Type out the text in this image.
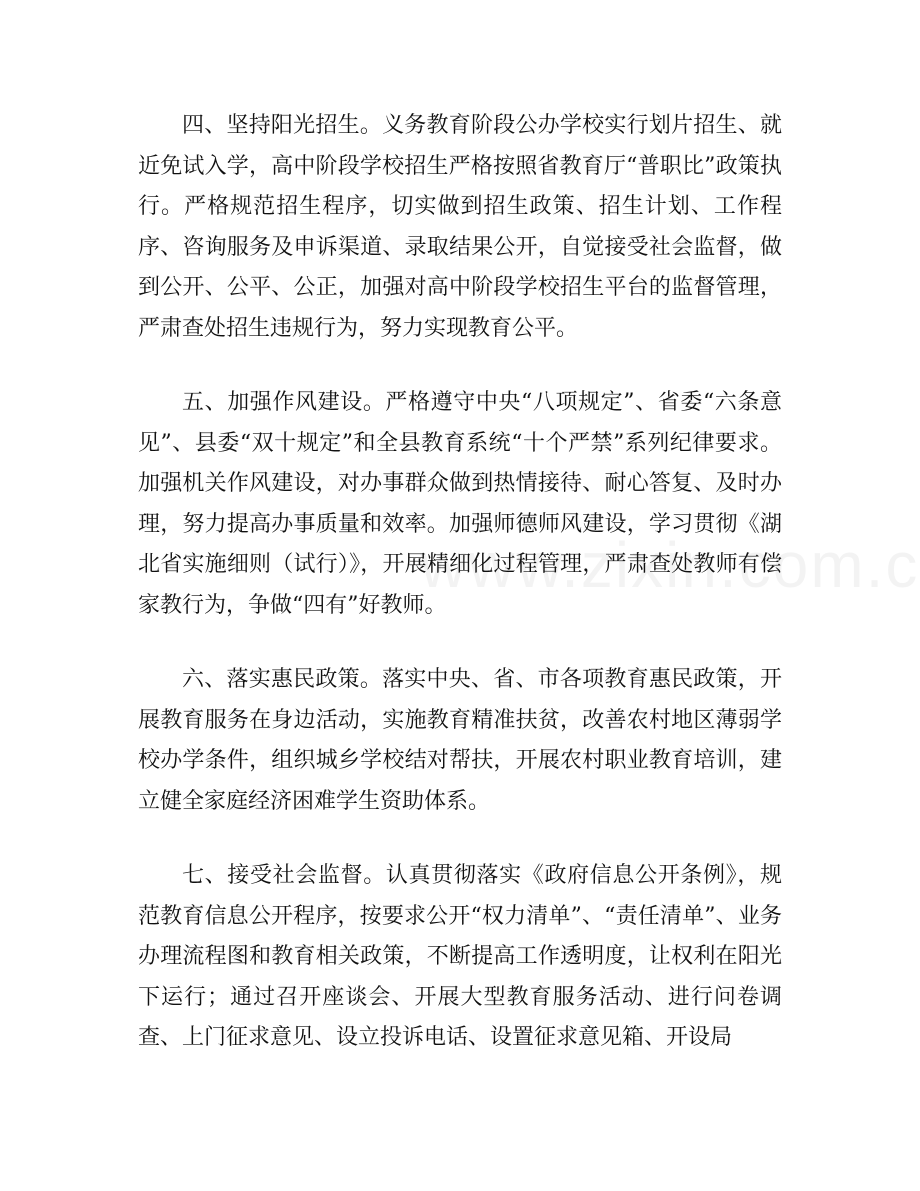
四、坚持阳光招生。义务教育阶段公办学校实行划片招生、就近免试入学，高中阶段学校招生严格按照省教育厅“普职比”政策执行。严格规范招生程序，切实做到招生政策、招生计划、工作程序、咨询服务及申诉渠道、录取结果公开，自觉接受社会监督，做到公开、公平、公正，加强对高中阶段学校招生平台的监督管理，严肃查处招生违规行为，努力实现教育公平。

五、加强作风建设。严格遵守中央“八项规定”、省委“六条意见”、县委“双十规定”和全县教育系统“十个严禁”系列纪律要求。加强机关作风建设，对办事群众做到热情接待、耐心答复、及时办理，努力提高办事质量和效率。加强师德师风建设，学习贯彻《湖北省实施细则（试行）》，开展精细化过程管理，严肃查处教师有偿家教行为，争做“四有”好教师。

六、落实惠民政策。落实中央、省、市各项教育惠民政策，开展教育服务在身边活动，实施教育精准扶贫，改善农村地区薄弱学校办学条件，组织城乡学校结对帮扶，开展农村职业教育培训，建立健全家庭经济困难学生资助体系。

七、接受社会监督。认真贯彻落实《政府信息公开条例》，规范教育信息公开程序，按要求公开“权力清单”、“责任清单”、业务办理流程图和教育相关政策，不断提高工作透明度，让权利在阳光下运行；通过召开座谈会、开展大型教育服务活动、进行问卷调查、上门征求意见、设立投诉电话、设置征求意见箱、开设局
